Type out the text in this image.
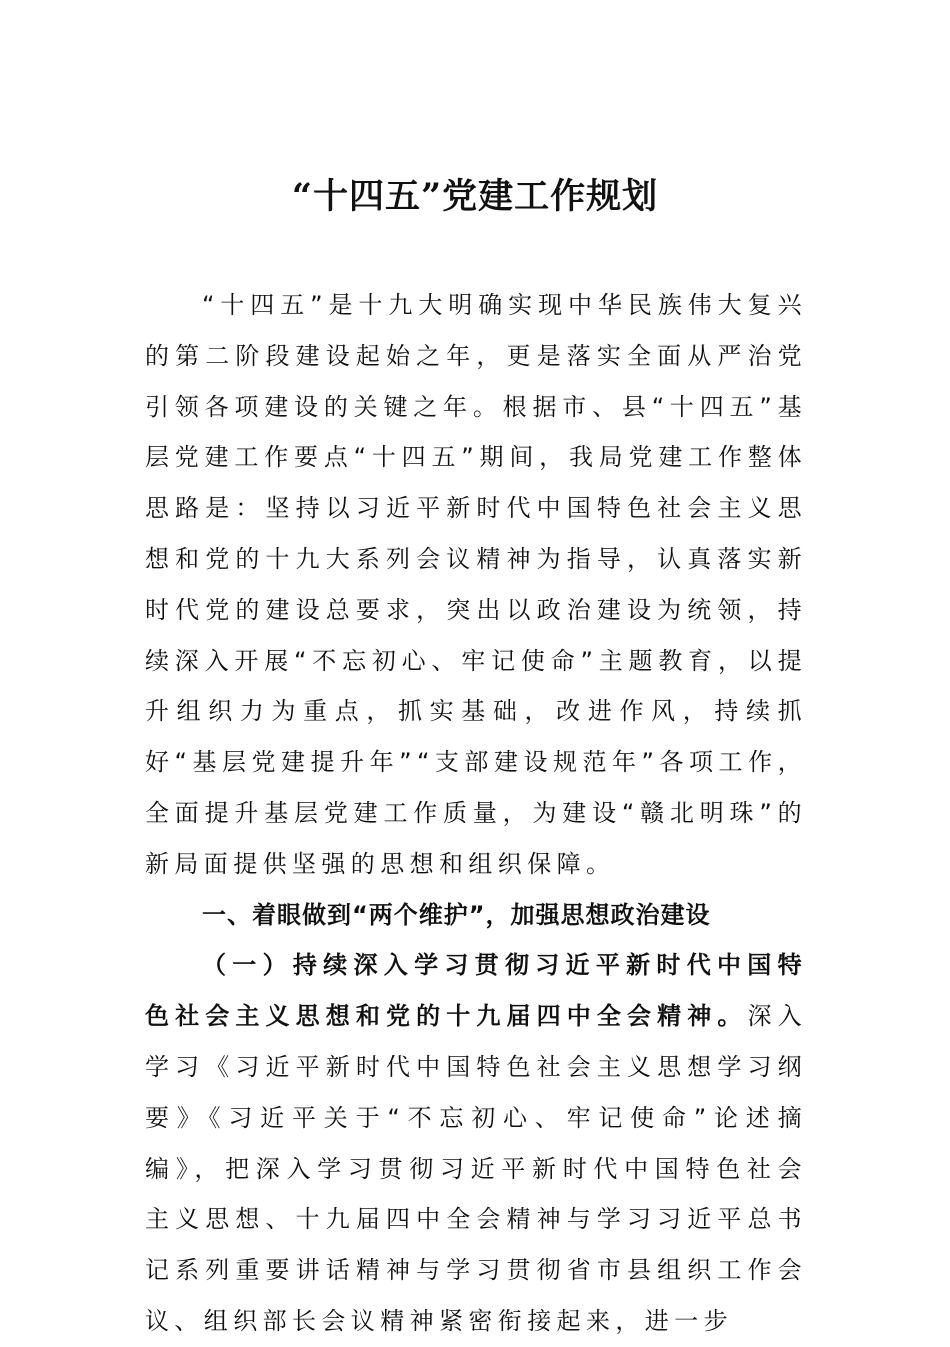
“十四五”党建工作规划

“十四五”是十九大明确实现中华民族伟大复兴的第二阶段建设起始之年，更是落实全面从严治党引领各项建设的关键之年。根据市、县“十四五”基层党建工作要点“十四五”期间，我局党建工作整体思路是：坚持以习近平新时代中国特色社会主义思想和党的十九大系列会议精神为指导，认真落实新时代党的建设总要求，突出以政治建设为统领，持续深入开展“不忘初心、牢记使命”主题教育，以提升组织力为重点，抓实基础，改进作风，持续抓好“基层党建提升年”“支部建设规范年”各项工作，全面提升基层党建工作质量，为建设“赣北明珠”的新局面提供坚强的思想和组织保障。

一、着眼做到“两个维护”，加强思想政治建设

（一）持续深入学习贯彻习近平新时代中国特色社会主义思想和党的十九届四中全会精神。深入学习《习近平新时代中国特色社会主义思想学习纲要》《习近平关于“不忘初心、牢记使命”论述摘编》，把深入学习贯彻习近平新时代中国特色社会主义思想、十九届四中全会精神与学习习近平总书记系列重要讲话精神与学习贯彻省市县组织工作会议、组织部长会议精神紧密衔接起来，进一步
